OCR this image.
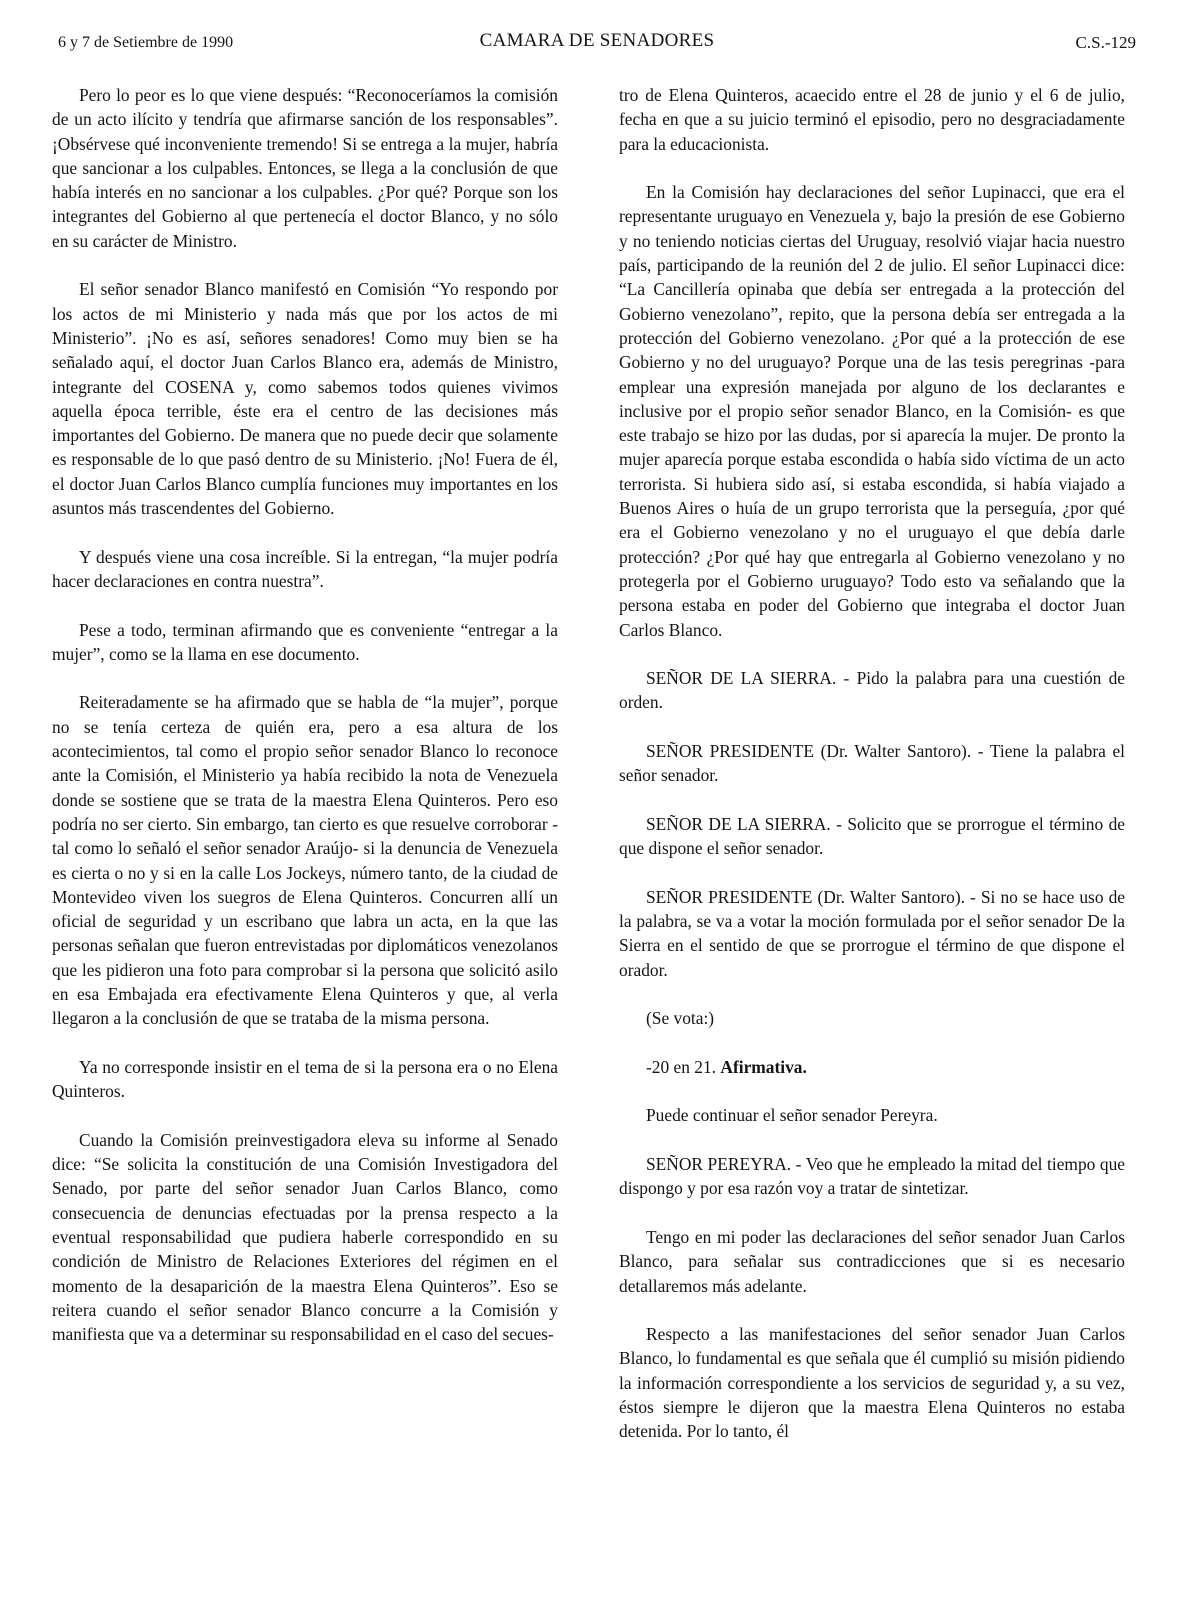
6 y 7 de Setiembre de 1990	CAMARA DE SENADORES	C.S.-129

Pero lo peor es lo que viene después: “Reconoceríamos la comisión de un acto ilícito y tendría que afirmarse sanción de los responsables”. ¡Obsérvese qué inconveniente tremendo! Si se entrega a la mujer, habría que sancionar a los culpables. Entonces, se llega a la conclusión de que había interés en no sancionar a los culpables. ¿Por qué? Porque son los integrantes del Gobierno al que pertenecía el doctor Blanco, y no sólo en su carácter de Ministro.

El señor senador Blanco manifestó en Comisión “Yo respondo por los actos de mi Ministerio y nada más que por los actos de mi Ministerio”. ¡No es así, señores senadores! Como muy bien se ha señalado aquí, el doctor Juan Carlos Blanco era, además de Ministro, integrante del COSENA y, como sabemos todos quienes vivimos aquella época terrible, éste era el centro de las decisiones más importantes del Gobierno. De manera que no puede decir que solamente es responsable de lo que pasó dentro de su Ministerio. ¡No! Fuera de él, el doctor Juan Carlos Blanco cumplía funciones muy importantes en los asuntos más trascendentes del Gobierno.

Y después viene una cosa increíble. Si la entregan, “la mujer podría hacer declaraciones en contra nuestra”.

Pese a todo, terminan afirmando que es conveniente “entregar a la mujer”, como se la llama en ese documento.

Reiteradamente se ha afirmado que se habla de “la mujer”, porque no se tenía certeza de quién era, pero a esa altura de los acontecimientos, tal como el propio señor senador Blanco lo reconoce ante la Comisión, el Ministerio ya había recibido la nota de Venezuela donde se sostiene que se trata de la maestra Elena Quinteros. Pero eso podría no ser cierto. Sin embargo, tan cierto es que resuelve corroborar -tal como lo señaló el señor senador Araújo- si la denuncia de Venezuela es cierta o no y si en la calle Los Jockeys, número tanto, de la ciudad de Montevideo viven los suegros de Elena Quinteros. Concurren allí un oficial de seguridad y un escribano que labra un acta, en la que las personas señalan que fueron entrevistadas por diplomáticos venezolanos que les pidieron una foto para comprobar si la persona que solicitó asilo en esa Embajada era efectivamente Elena Quinteros y que, al verla llegaron a la conclusión de que se trataba de la misma persona.

Ya no corresponde insistir en el tema de si la persona era o no Elena Quinteros.

Cuando la Comisión preinvestigadora eleva su informe al Senado dice: “Se solicita la constitución de una Comisión Investigadora del Senado, por parte del señor senador Juan Carlos Blanco, como consecuencia de denuncias efectuadas por la prensa respecto a la eventual responsabilidad que pudiera haberle correspondido en su condición de Ministro de Relaciones Exteriores del régimen en el momento de la desaparición de la maestra Elena Quinteros”. Eso se reitera cuando el señor senador Blanco concurre a la Comisión y manifiesta que va a determinar su responsabilidad en el caso del secues-

tro de Elena Quinteros, acaecido entre el 28 de junio y el 6 de julio, fecha en que a su juicio terminó el episodio, pero no desgraciadamente para la educacionista.

En la Comisión hay declaraciones del señor Lupinacci, que era el representante uruguayo en Venezuela y, bajo la presión de ese Gobierno y no teniendo noticias ciertas del Uruguay, resolvió viajar hacia nuestro país, participando de la reunión del 2 de julio. El señor Lupinacci dice: “La Cancillería opinaba que debía ser entregada a la protección del Gobierno venezolano”, repito, que la persona debía ser entregada a la protección del Gobierno venezolano. ¿Por qué a la protección de ese Gobierno y no del uruguayo? Porque una de las tesis peregrinas -para emplear una expresión manejada por alguno de los declarantes e inclusive por el propio señor senador Blanco, en la Comisión- es que este trabajo se hizo por las dudas, por si aparecía la mujer. De pronto la mujer aparecía porque estaba escondida o había sido víctima de un acto terrorista. Si hubiera sido así, si estaba escondida, si había viajado a Buenos Aires o huía de un grupo terrorista que la perseguía, ¿por qué era el Gobierno venezolano y no el uruguayo el que debía darle protección? ¿Por qué hay que entregarla al Gobierno venezolano y no protegerla por el Gobierno uruguayo? Todo esto va señalando que la persona estaba en poder del Gobierno que integraba el doctor Juan Carlos Blanco.

SEÑOR DE LA SIERRA. - Pido la palabra para una cuestión de orden.

SEÑOR PRESIDENTE (Dr. Walter Santoro). - Tiene la palabra el señor senador.

SEÑOR DE LA SIERRA. - Solicito que se prorrogue el término de que dispone el señor senador.

SEÑOR PRESIDENTE (Dr. Walter Santoro). - Si no se hace uso de la palabra, se va a votar la moción formulada por el señor senador De la Sierra en el sentido de que se prorrogue el término de que dispone el orador.

(Se vota:)

-20 en 21. Afirmativa.

Puede continuar el señor senador Pereyra.

SEÑOR PEREYRA. - Veo que he empleado la mitad del tiempo que dispongo y por esa razón voy a tratar de sintetizar.

Tengo en mi poder las declaraciones del señor senador Juan Carlos Blanco, para señalar sus contradicciones que si es necesario detallaremos más adelante.

Respecto a las manifestaciones del señor senador Juan Carlos Blanco, lo fundamental es que señala que él cumplió su misión pidiendo la información correspondiente a los servicios de seguridad y, a su vez, éstos siempre le dijeron que la maestra Elena Quinteros no estaba detenida. Por lo tanto, él
